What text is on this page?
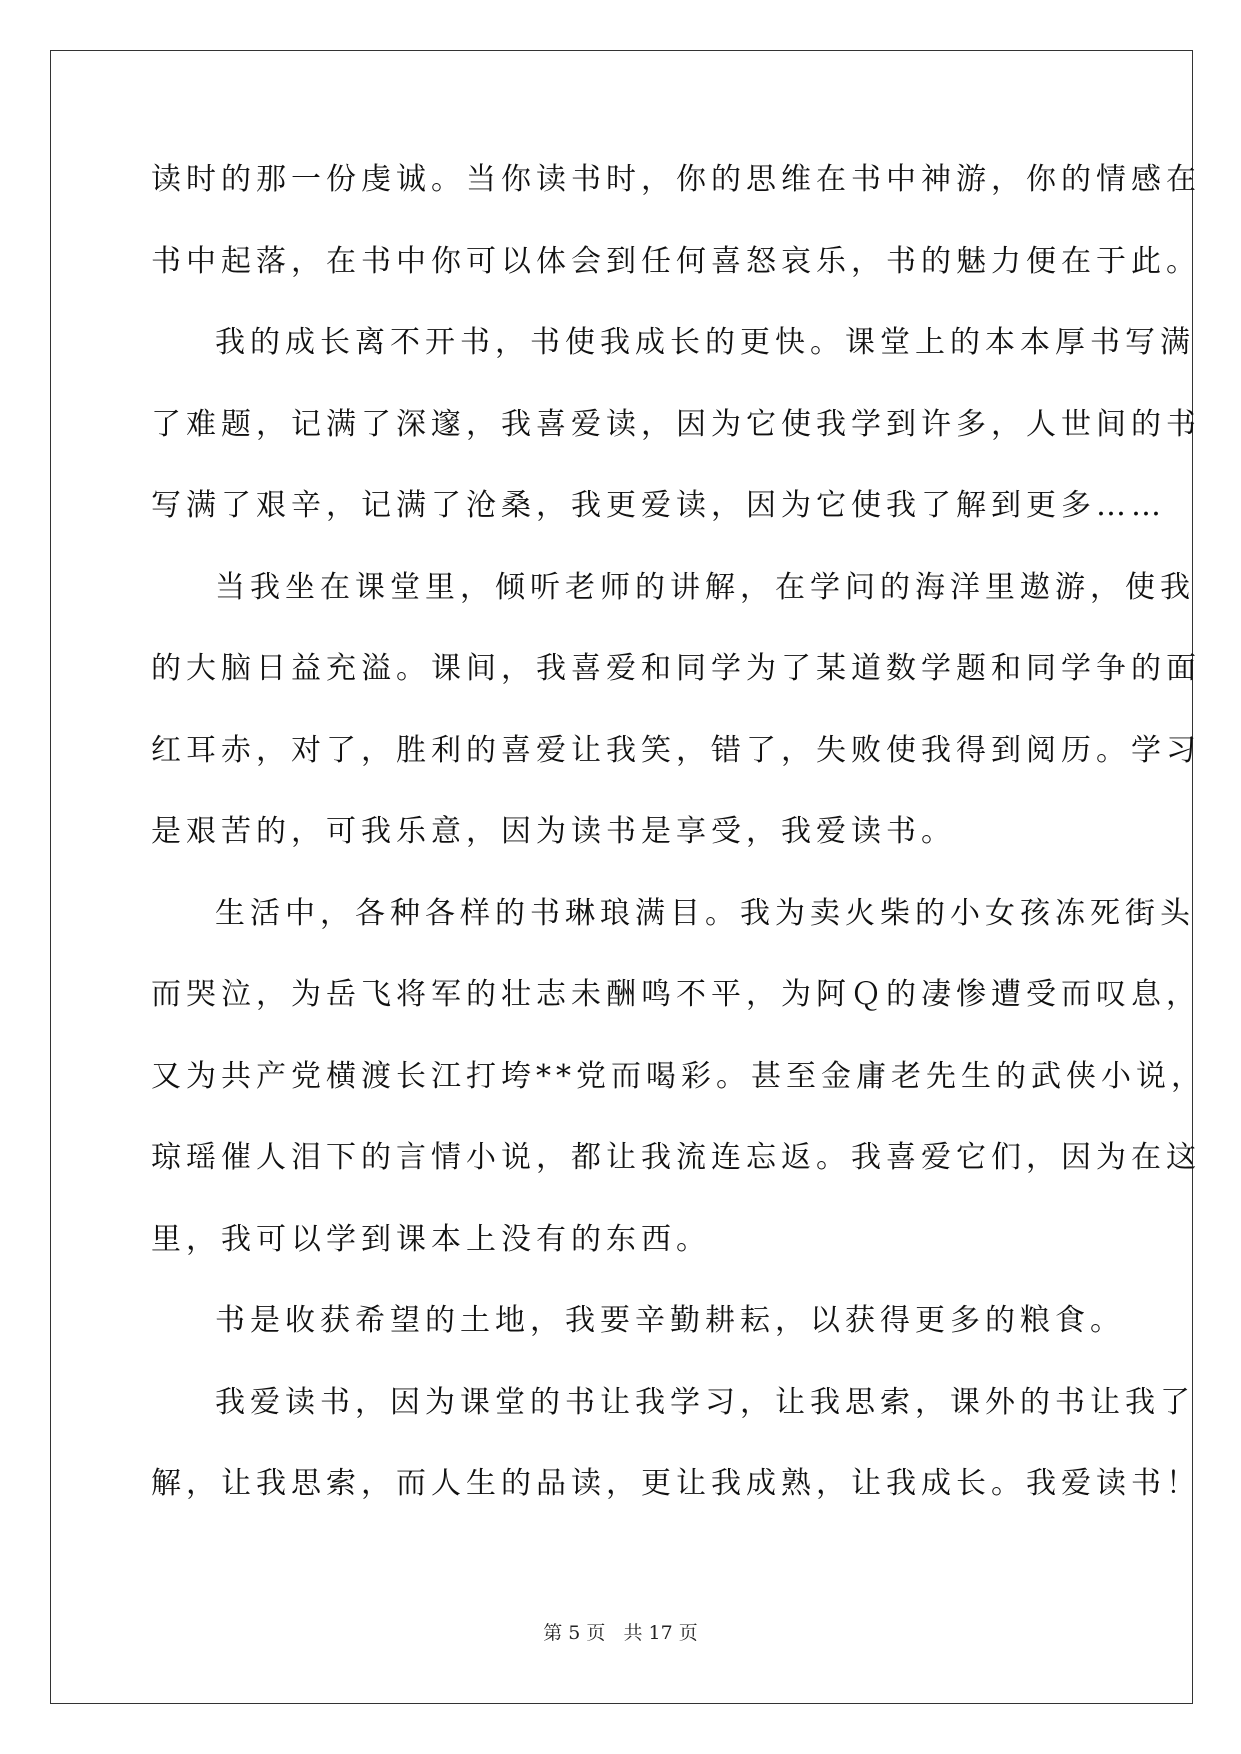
读时的那一份虔诚。当你读书时，你的思维在书中神游，你的情感在
书中起落，在书中你可以体会到任何喜怒哀乐，书的魅力便在于此。
我的成长离不开书，书使我成长的更快。课堂上的本本厚书写满
了难题，记满了深邃，我喜爱读，因为它使我学到许多，人世间的书
写满了艰辛，记满了沧桑，我更爱读，因为它使我了解到更多……
当我坐在课堂里，倾听老师的讲解，在学问的海洋里遨游，使我
的大脑日益充溢。课间，我喜爱和同学为了某道数学题和同学争的面
红耳赤，对了，胜利的喜爱让我笑，错了，失败使我得到阅历。学习
是艰苦的，可我乐意，因为读书是享受，我爱读书。
生活中，各种各样的书琳琅满目。我为卖火柴的小女孩冻死街头
而哭泣，为岳飞将军的壮志未酬鸣不平，为阿Ｑ的凄惨遭受而叹息，
又为共产党横渡长江打垮**党而喝彩。甚至金庸老先生的武侠小说，
琼瑶催人泪下的言情小说，都让我流连忘返。我喜爱它们，因为在这
里，我可以学到课本上没有的东西。
书是收获希望的土地，我要辛勤耕耘，以获得更多的粮食。
我爱读书，因为课堂的书让我学习，让我思索，课外的书让我了
解，让我思索，而人生的品读，更让我成熟，让我成长。我爱读书！
第 5 页 共 17 页
